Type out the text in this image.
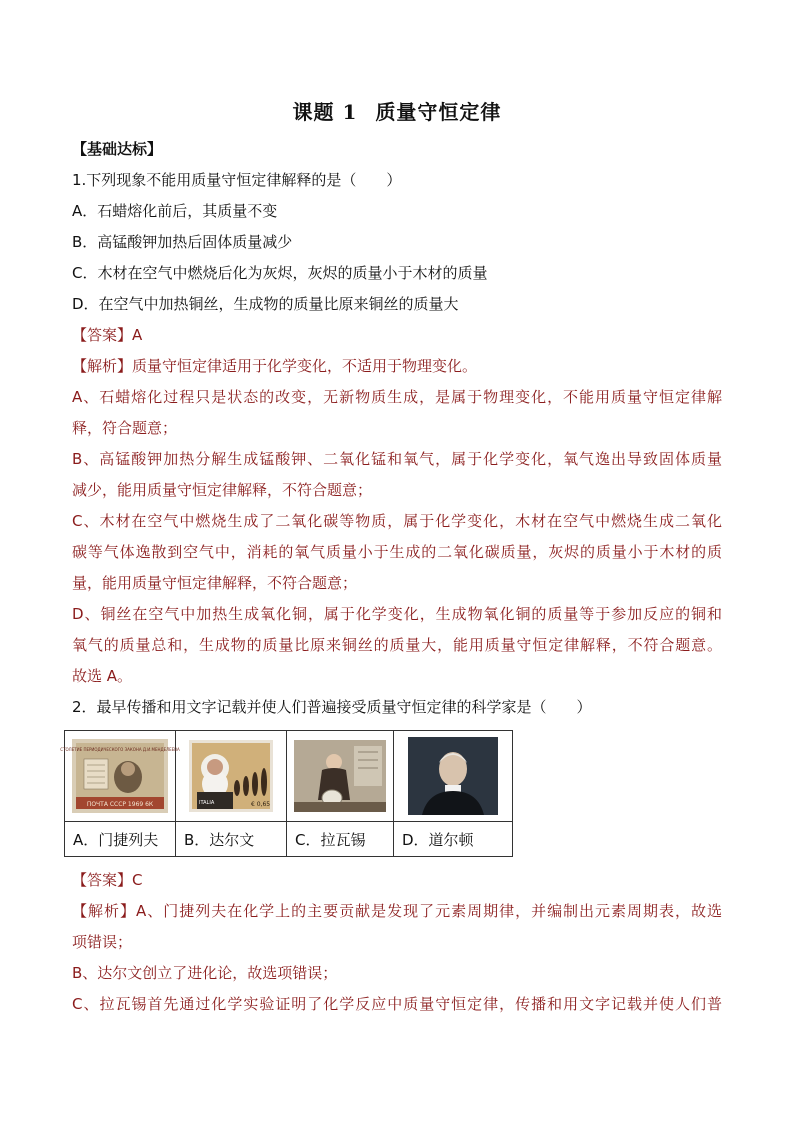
课题 1 质量守恒定律
【基础达标】
1.下列现象不能用质量守恒定律解释的是（　　）
A．石蜡熔化前后，其质量不变
B．高锰酸钾加热后固体质量减少
C．木材在空气中燃烧后化为灰烬，灰烬的质量小于木材的质量
D．在空气中加热铜丝，生成物的质量比原来铜丝的质量大
【答案】A
【解析】质量守恒定律适用于化学变化，不适用于物理变化。
A、石蜡熔化过程只是状态的改变，无新物质生成，是属于物理变化，不能用质量守恒定律解
释，符合题意；
B、高锰酸钾加热分解生成锰酸钾、二氧化锰和氧气，属于化学变化，氧气逸出导致固体质量
减少，能用质量守恒定律解释，不符合题意；
C、木材在空气中燃烧生成了二氧化碳等物质，属于化学变化，木材在空气中燃烧生成二氧化
碳等气体逸散到空气中，消耗的氧气质量小于生成的二氧化碳质量，灰烬的质量小于木材的质
量，能用质量守恒定律解释，不符合题意；
D、铜丝在空气中加热生成氧化铜，属于化学变化，生成物氧化铜的质量等于参加反应的铜和
氧气的质量总和，生成物的质量比原来铜丝的质量大，能用质量守恒定律解释，不符合题意。
故选 A。
2．最早传播和用文字记载并使人们普遍接受质量守恒定律的科学家是（　　）
СТОЛЕТИЕ ПЕРИОДИЧЕСКОГО ЗАКОНА Д.И.МЕНДЕЛЕЕВА
ПОЧТА СССР 1969 6К	ITALIA € 0,65

A．门捷列夫	B．达尔文	C．拉瓦锡	D．道尔顿
【答案】C
【解析】A、门捷列夫在化学上的主要贡献是发现了元素周期律，并编制出元素周期表，故选
项错误；
B、达尔文创立了进化论，故选项错误；
C、拉瓦锡首先通过化学实验证明了化学反应中质量守恒定律，传播和用文字记载并使人们普
